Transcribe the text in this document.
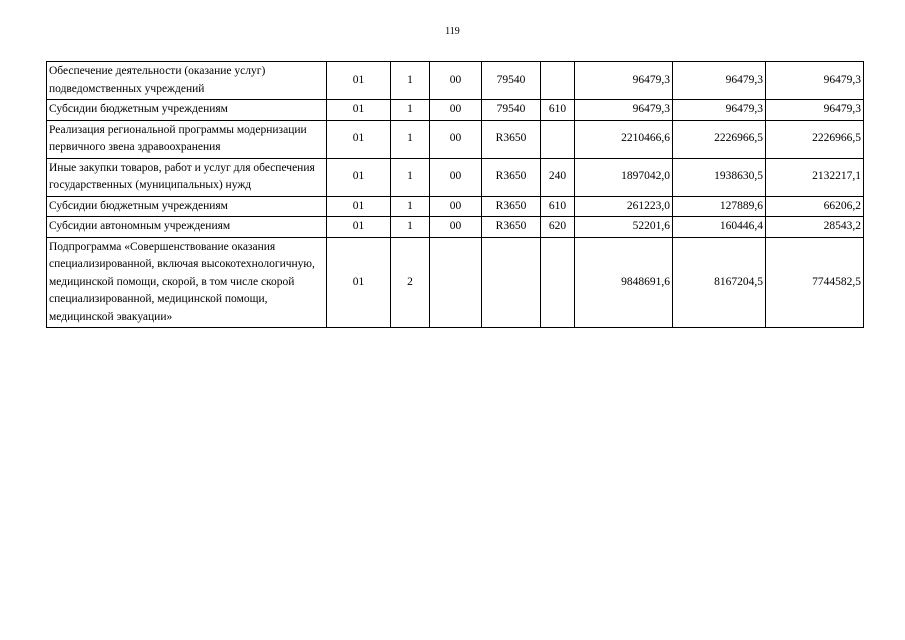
119
Обеспечение деятельности (оказание услуг) подведомственных учреждений	01	1	00	79540		96479,3	96479,3	96479,3
Субсидии бюджетным учреждениям	01	1	00	79540	610	96479,3	96479,3	96479,3
Реализация региональной программы модернизации первичного звена здравоохранения	01	1	00	R3650		2210466,6	2226966,5	2226966,5
Иные закупки товаров, работ и услуг для обеспечения государственных (муниципальных) нужд	01	1	00	R3650	240	1897042,0	1938630,5	2132217,1
Субсидии бюджетным учреждениям	01	1	00	R3650	610	261223,0	127889,6	66206,2
Субсидии автономным учреждениям	01	1	00	R3650	620	52201,6	160446,4	28543,2
Подпрограмма «Совершенствование оказания специализированной, включая высокотехнологичную, медицинской помощи, скорой, в том числе скорой специализированной, медицинской помощи, медицинской эвакуации»	01	2				9848691,6	8167204,5	7744582,5
